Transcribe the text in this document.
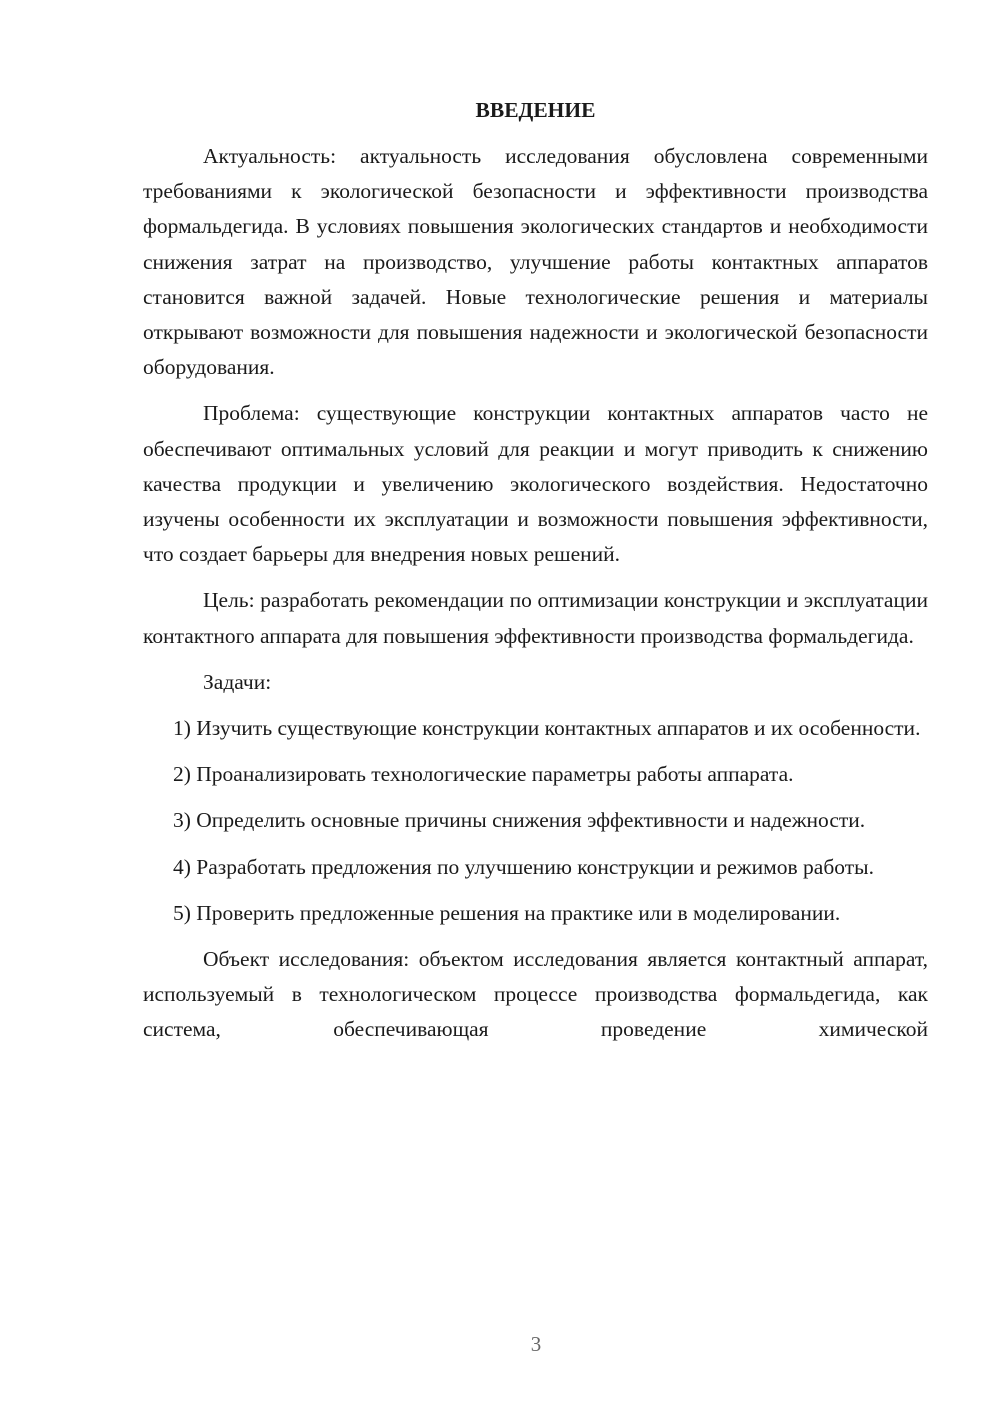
ВВЕДЕНИЕ

Актуальность: актуальность исследования обусловлена современными требованиями к экологической безопасности и эффективности производства формальдегида. В условиях повышения экологических стандартов и необходимости снижения затрат на производство, улучшение работы контактных аппаратов становится важной задачей. Новые технологические решения и материалы открывают возможности для повышения надежности и экологической безопасности оборудования.

Проблема: существующие конструкции контактных аппаратов часто не обеспечивают оптимальных условий для реакции и могут приводить к снижению качества продукции и увеличению экологического воздействия. Недостаточно изучены особенности их эксплуатации и возможности повышения эффективности, что создает барьеры для внедрения новых решений.

Цель: разработать рекомендации по оптимизации конструкции и эксплуатации контактного аппарата для повышения эффективности производства формальдегида.

Задачи:

1) Изучить существующие конструкции контактных аппаратов и их особенности.

2) Проанализировать технологические параметры работы аппарата.

3) Определить основные причины снижения эффективности и надежности.

4) Разработать предложения по улучшению конструкции и режимов работы.

5) Проверить предложенные решения на практике или в моделировании.

Объект исследования: объектом исследования является контактный аппарат, используемый в технологическом процессе производства формальдегида, как система, обеспечивающая проведение химической

3
